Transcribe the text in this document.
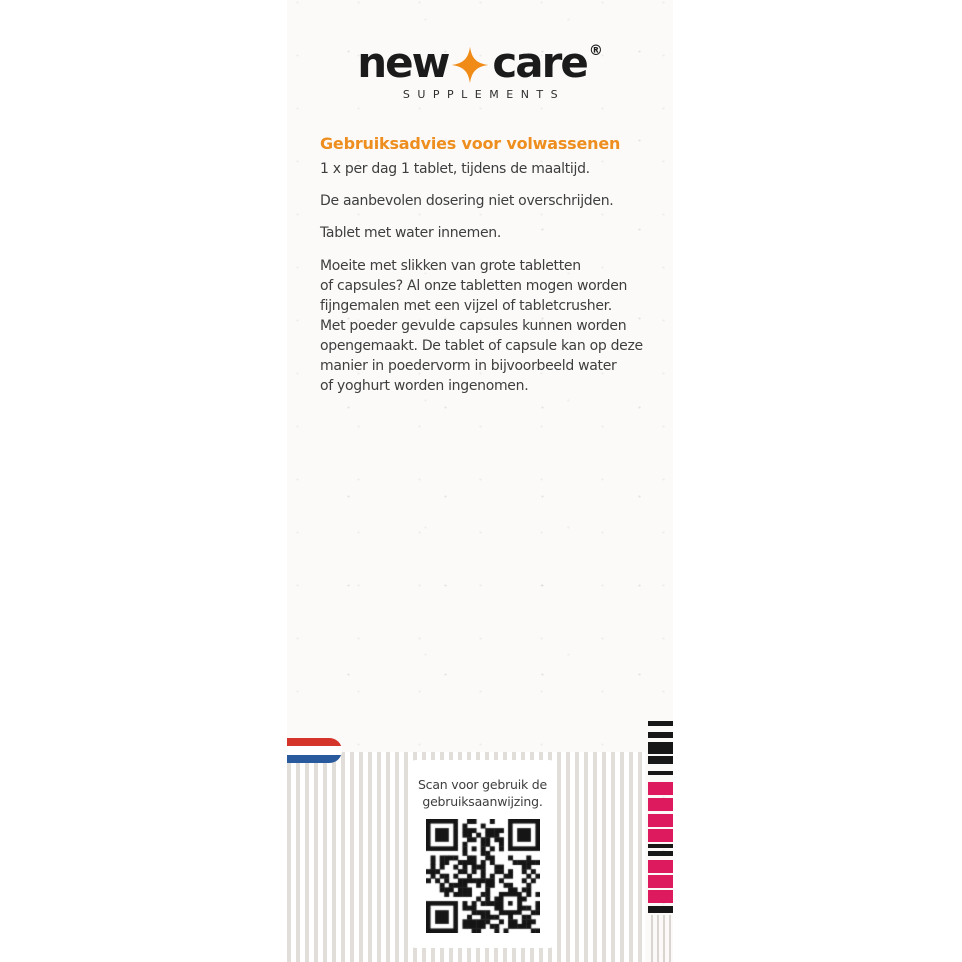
new care ®
SUPPLEMENTS
Gebruiksadvies voor volwassenen
1 x per dag 1 tablet, tijdens de maaltijd.
De aanbevolen dosering niet overschrijden.
Tablet met water innemen.
Moeite met slikken van grote tabletten
of capsules? Al onze tabletten mogen worden
fijngemalen met een vijzel of tabletcrusher.
Met poeder gevulde capsules kunnen worden
opengemaakt. De tablet of capsule kan op deze
manier in poedervorm in bijvoorbeeld water
of yoghurt worden ingenomen.
Scan voor gebruik de
gebruiksaanwijzing.
